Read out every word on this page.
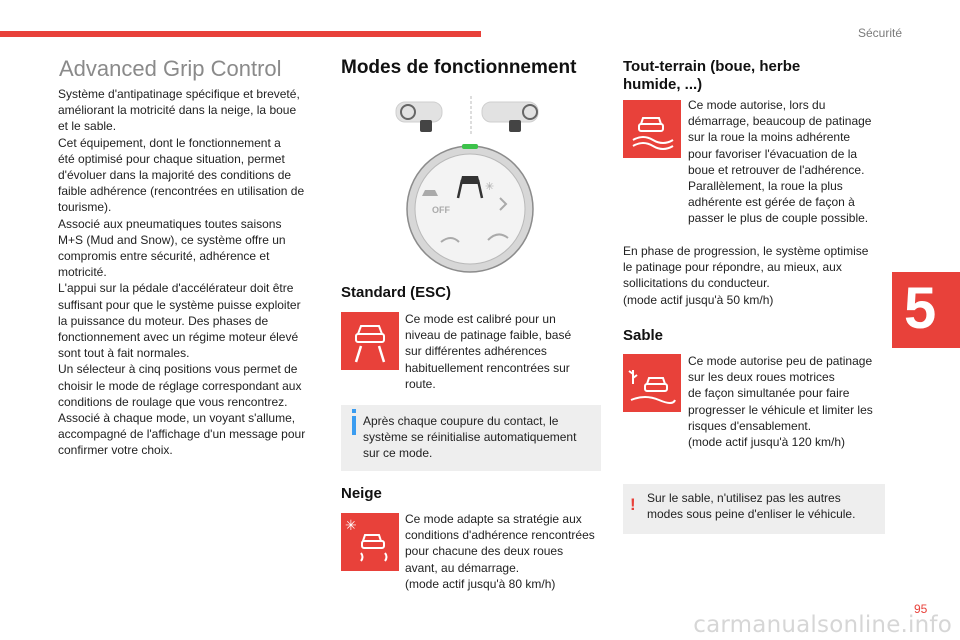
Sécurité
5
Advanced Grip Control
Système d'antipatinage spécifique et breveté,
améliorant la motricité dans la neige, la boue
et le sable.
Cet équipement, dont le fonctionnement a
été optimisé pour chaque situation, permet
d'évoluer dans la majorité des conditions de
faible adhérence (rencontrées en utilisation de
tourisme).
Associé aux pneumatiques toutes saisons
M+S (Mud and Snow), ce système offre un
compromis entre sécurité, adhérence et
motricité.
L'appui sur la pédale d'accélérateur doit être
suffisant pour que le système puisse exploiter
la puissance du moteur. Des phases de
fonctionnement avec un régime moteur élevé
sont tout à fait normales.
Un sélecteur à cinq positions vous permet de
choisir le mode de réglage correspondant aux
conditions de roulage que vous rencontrez.
Associé à chaque mode, un voyant s'allume,
accompagné de l'affichage d'un message pour
confirmer votre choix.
Modes de fonctionnement
✳
OFF
Standard (ESC)
Ce mode est calibré pour un
niveau de patinage faible, basé
sur différentes adhérences
habituellement rencontrées sur
route.
Après chaque coupure du contact, le
système se réinitialise automatiquement
sur ce mode.
Neige
✳	Ce mode adapte sa stratégie aux
conditions d'adhérence rencontrées
pour chacune des deux roues
avant, au démarrage.
(mode actif jusqu'à 80 km/h)
Tout-terrain (boue, herbe
humide, ...)
Ce mode autorise, lors du
démarrage, beaucoup de patinage
sur la roue la moins adhérente
pour favoriser l'évacuation de la
boue et retrouver de l'adhérence.
Parallèlement, la roue la plus
adhérente est gérée de façon à
passer le plus de couple possible.
En phase de progression, le système optimise
le patinage pour répondre, au mieux, aux
sollicitations du conducteur.
(mode actif jusqu'à 50 km/h)
Sable
Ce mode autorise peu de patinage
sur les deux roues motrices
de façon simultanée pour faire
progresser le véhicule et limiter les
risques d'ensablement.
(mode actif jusqu'à 120 km/h)
! Sur le sable, n'utilisez pas les autres
modes sous peine d'enliser le véhicule.
95
carmanualsonline.info
